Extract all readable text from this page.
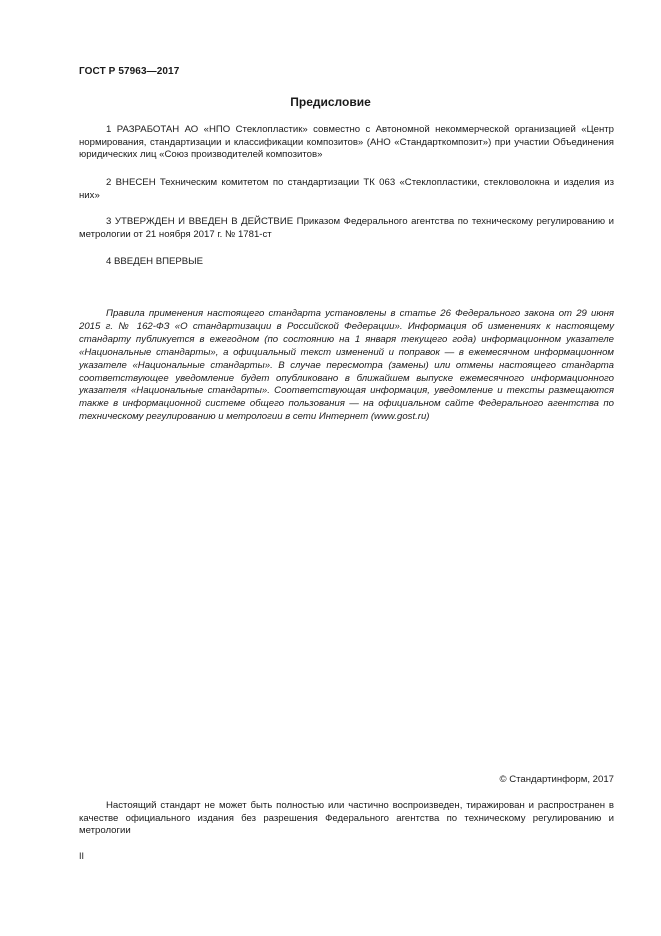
ГОСТ Р 57963—2017
Предисловие

1 РАЗРАБОТАН АО «НПО Стеклопластик» совместно с Автономной некоммерческой организацией «Центр нормирования, стандартизации и классификации композитов» (АНО «Стандарткомпозит») при участии Объединения юридических лиц «Союз производителей композитов»

2 ВНЕСЕН Техническим комитетом по стандартизации ТК 063 «Стеклопластики, стекловолокна и изделия из них»

3 УТВЕРЖДЕН И ВВЕДЕН В ДЕЙСТВИЕ Приказом Федерального агентства по техническому регулированию и метрологии от 21 ноября 2017 г. № 1781-ст

4 ВВЕДЕН ВПЕРВЫЕ

Правила применения настоящего стандарта установлены в статье 26 Федерального закона от 29 июня 2015 г. № 162-ФЗ «О стандартизации в Российской Федерации». Информация об изменениях к настоящему стандарту публикуется в ежегодном (по состоянию на 1 января текущего года) информационном указателе «Национальные стандарты», а официальный текст изменений и поправок — в ежемесячном информационном указателе «Национальные стандарты». В случае пересмотра (замены) или отмены настоящего стандарта соответствующее уведомление будет опубликовано в ближайшем выпуске ежемесячного информационного указателя «Национальные стандарты». Соответствующая информация, уведомление и тексты размещаются также в информационной системе общего пользования — на официальном сайте Федерального агентства по техническому регулированию и метрологии в сети Интернет (www.gost.ru)

© Стандартинформ, 2017

Настоящий стандарт не может быть полностью или частично воспроизведен, тиражирован и распространен в качестве официального издания без разрешения Федерального агентства по техническому регулированию и метрологии

II
